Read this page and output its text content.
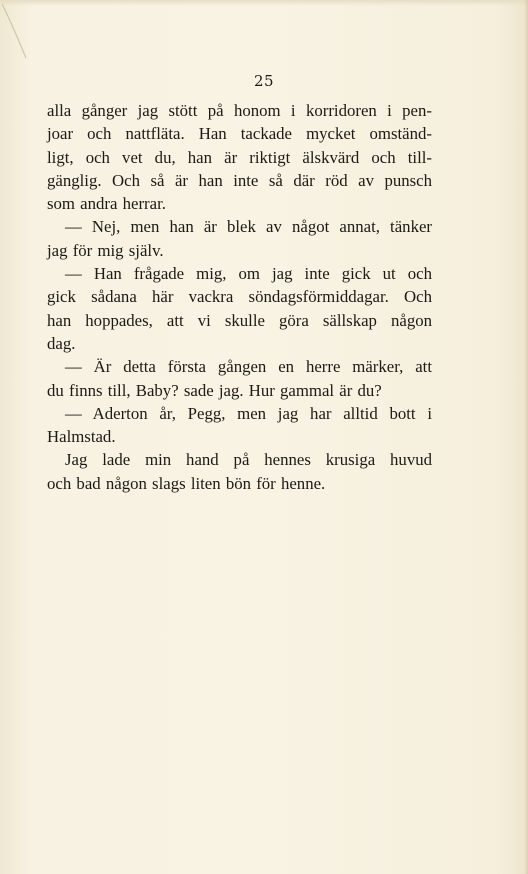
25
alla gånger jag stött på honom i korridoren i pen-
joar och nattfläta. Han tackade mycket omständ-
ligt, och vet du, han är riktigt älskvärd och till-
gänglig. Och så är han inte så där röd av punsch
som andra herrar.
— Nej, men han är blek av något annat, tänker
jag för mig själv.
— Han frågade mig, om jag inte gick ut och
gick sådana här vackra söndagsförmiddagar. Och
han hoppades, att vi skulle göra sällskap någon
dag.
— Är detta första gången en herre märker, att
du finns till, Baby? sade jag. Hur gammal är du?
— Aderton år, Pegg, men jag har alltid bott i
Halmstad.
Jag lade min hand på hennes krusiga huvud
och bad någon slags liten bön för henne.
